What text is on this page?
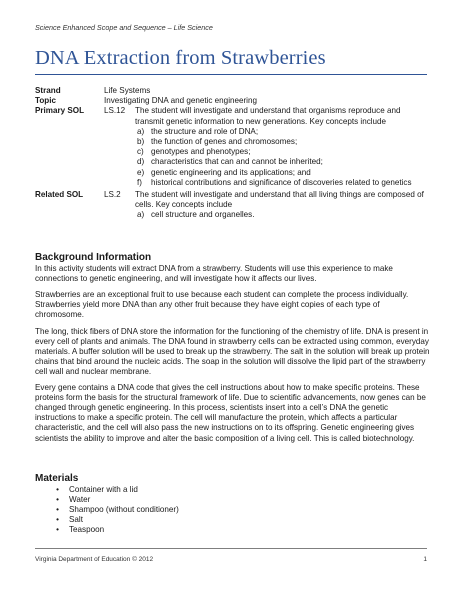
Science Enhanced Scope and Sequence – Life Science
DNA Extraction from Strawberries
Strand	Life Systems
Topic	Investigating DNA and genetic engineering
Primary SOL	LS.12	The student will investigate and understand that organisms reproduce and transmit genetic information to new generations. Key concepts include
a) the structure and role of DNA;
b) the function of genes and chromosomes;
c) genotypes and phenotypes;
d) characteristics that can and cannot be inherited;
e) genetic engineering and its applications; and
f)	historical contributions and significance of discoveries related to genetics
Related SOL	LS.2	The student will investigate and understand that all living things are composed of cells. Key concepts include
a) cell structure and organelles.
Background Information

In this activity students will extract DNA from a strawberry. Students will use this experience to make connections to genetic engineering, and will investigate how it affects our lives.

Strawberries are an exceptional fruit to use because each student can complete the process individually. Strawberries yield more DNA than any other fruit because they have eight copies of each type of chromosome.

The long, thick fibers of DNA store the information for the functioning of the chemistry of life. DNA is present in every cell of plants and animals. The DNA found in strawberry cells can be extracted using common, everyday materials. A buffer solution will be used to break up the strawberry. The salt in the solution will break up protein chains that bind around the nucleic acids. The soap in the solution will dissolve the lipid part of the strawberry cell wall and nuclear membrane.

Every gene contains a DNA code that gives the cell instructions about how to make specific proteins. These proteins form the basis for the structural framework of life. Due to scientific advancements, now genes can be changed through genetic engineering. In this process, scientists insert into a cell’s DNA the genetic instructions to make a specific protein. The cell will manufacture the protein, which affects a particular characteristic, and the cell will also pass the new instructions on to its offspring. Genetic engineering gives scientists the ability to improve and alter the basic composition of a living cell. This is called biotechnology.

Materials
•	Container with a lid
•	Water
•	Shampoo (without conditioner)
•	Salt
•	Teaspoon
Virginia Department of Education © 2012	1
